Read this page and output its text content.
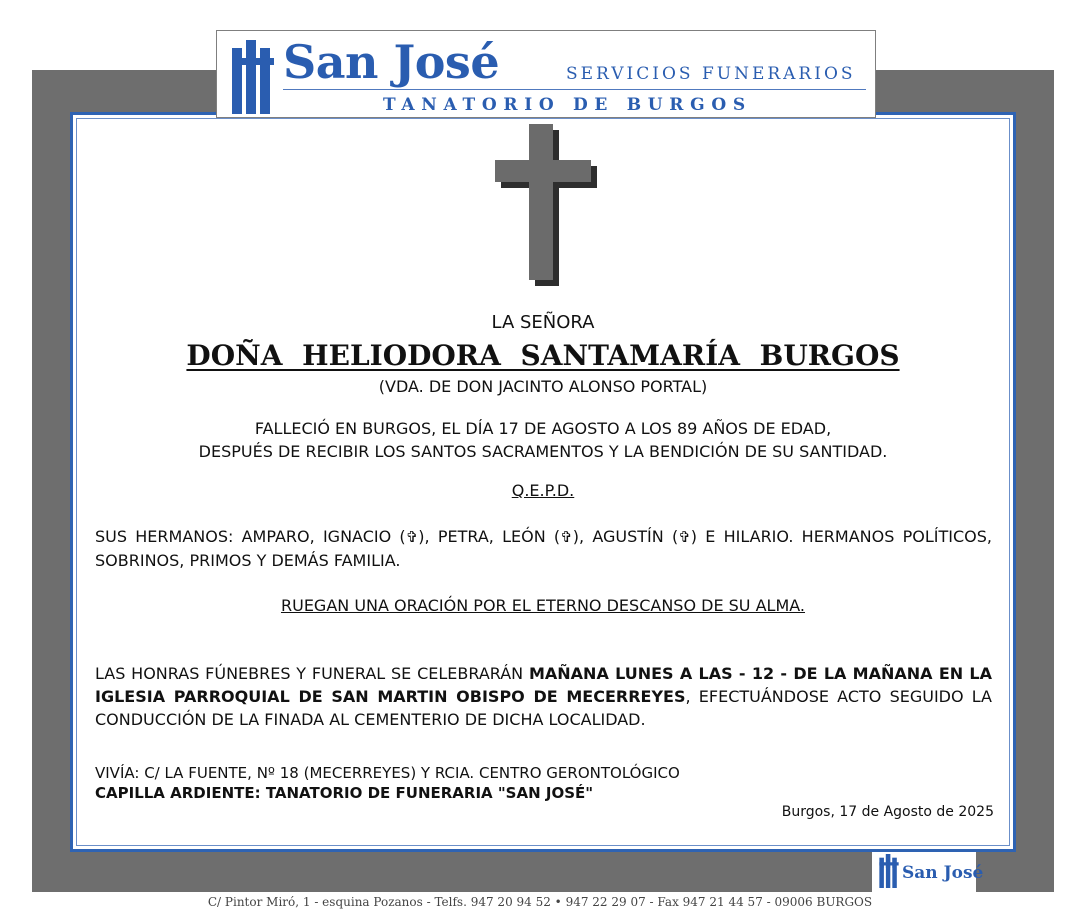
San José	SERVICIOS FUNERARIOS
TANATORIO DE BURGOS
LA SEÑORA
DOÑA HELIODORA SANTAMARÍA BURGOS
(VDA. DE DON JACINTO ALONSO PORTAL)
FALLECIÓ EN BURGOS, EL DÍA 17 DE AGOSTO A LOS 89 AÑOS DE EDAD,
DESPUÉS DE RECIBIR LOS SANTOS SACRAMENTOS Y LA BENDICIÓN DE SU SANTIDAD.
Q.E.P.D.
SUS HERMANOS: AMPARO, IGNACIO (✞), PETRA, LEÓN (✞), AGUSTÍN (✞) E HILARIO. HERMANOS POLÍTICOS, SOBRINOS, PRIMOS Y DEMÁS FAMILIA.
RUEGAN UNA ORACIÓN POR EL ETERNO DESCANSO DE SU ALMA.
LAS HONRAS FÚNEBRES Y FUNERAL SE CELEBRARÁN MAÑANA LUNES A LAS - 12 - DE LA MAÑANA EN LA IGLESIA PARROQUIAL DE SAN MARTIN OBISPO DE MECERREYES, EFECTUÁNDOSE ACTO SEGUIDO LA CONDUCCIÓN DE LA FINADA AL CEMENTERIO DE DICHA LOCALIDAD.
VIVÍA: C/ LA FUENTE, Nº 18 (MECERREYES) Y RCIA. CENTRO GERONTOLÓGICO
CAPILLA ARDIENTE: TANATORIO DE FUNERARIA "SAN JOSÉ"
Burgos, 17 de Agosto de 2025
San José
C/ Pintor Miró, 1 - esquina Pozanos - Telfs. 947 20 94 52 • 947 22 29 07 - Fax 947 21 44 57 - 09006 BURGOS
